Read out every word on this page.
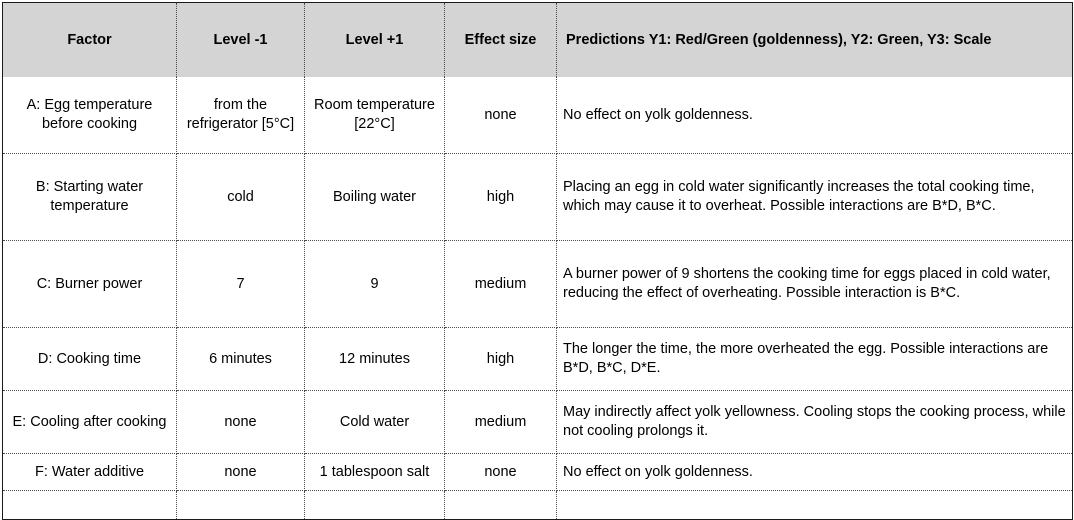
Factor	Level -1	Level +1	Effect size	Predictions Y1: Red/Green (goldenness), Y2: Green, Y3: Scale
A: Egg temperature before cooking	from the refrigerator [5°C]	Room temperature [22°C]	none	No effect on yolk goldenness.
B: Starting water temperature	cold	Boiling water	high	Placing an egg in cold water significantly increases the total cooking time, which may cause it to overheat. Possible interactions are B*D, B*C.
C: Burner power	7	9	medium	A burner power of 9 shortens the cooking time for eggs placed in cold water, reducing the effect of overheating. Possible interaction is B*C.
D: Cooking time	6 minutes	12 minutes	high	The longer the time, the more overheated the egg. Possible interactions are B*D, B*C, D*E.
E: Cooling after cooking	none	Cold water	medium	May indirectly affect yolk yellowness. Cooling stops the cooking process, while not cooling prolongs it.
F: Water additive	none	1 tablespoon salt	none	No effect on yolk goldenness.
